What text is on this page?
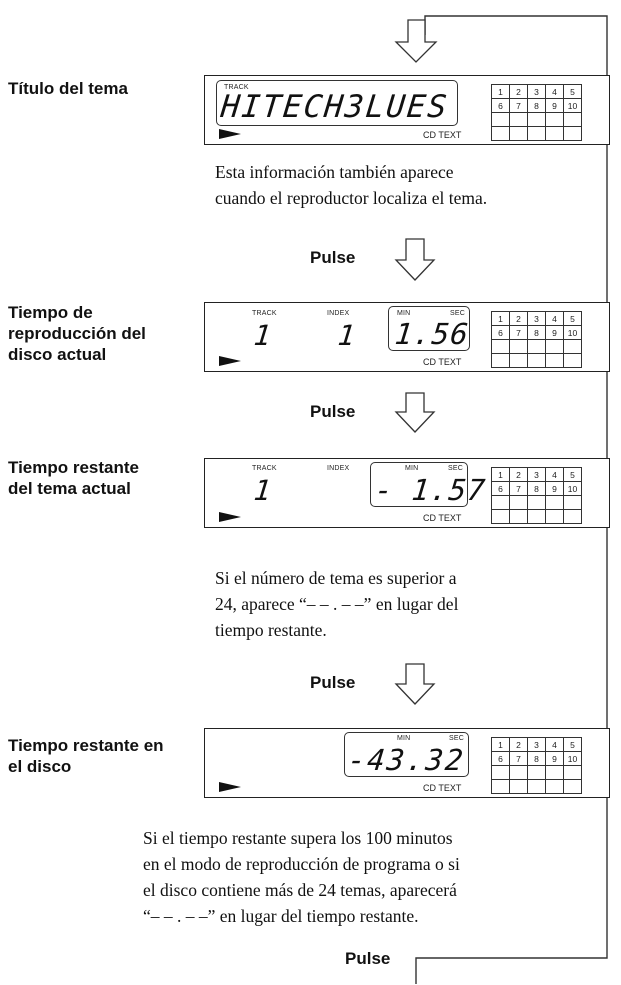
Título del tema	TRACK
HITECH3LUES
CD TEXT
1	2	3	4	5
6	7	8	9	10

Esta información también aparece
cuando el reproductor localiza el tema.
Pulse
Tiempo de
reproducción del
disco actual
TRACK	INDEX	MIN	SEC
1 1 1.56
CD TEXT
1	2	3	4	5
6	7	8	9	10

Pulse
Tiempo restante
del tema actual
TRACK	INDEX	MIN	SEC
1	- 1.57
CD TEXT
1	2	3	4	5
6	7	8	9	10

Si el número de tema es superior a
24, aparece “– – . – –” en lugar del
tiempo restante.
Pulse
Tiempo restante en
el disco
MIN	SEC
-43.32
CD TEXT
1	2	3	4	5
6	7	8	9	10

Si el tiempo restante supera los 100 minutos
en el modo de reproducción de programa o si
el disco contiene más de 24 temas, aparecerá
“– – . – –” en lugar del tiempo restante.
Pulse
